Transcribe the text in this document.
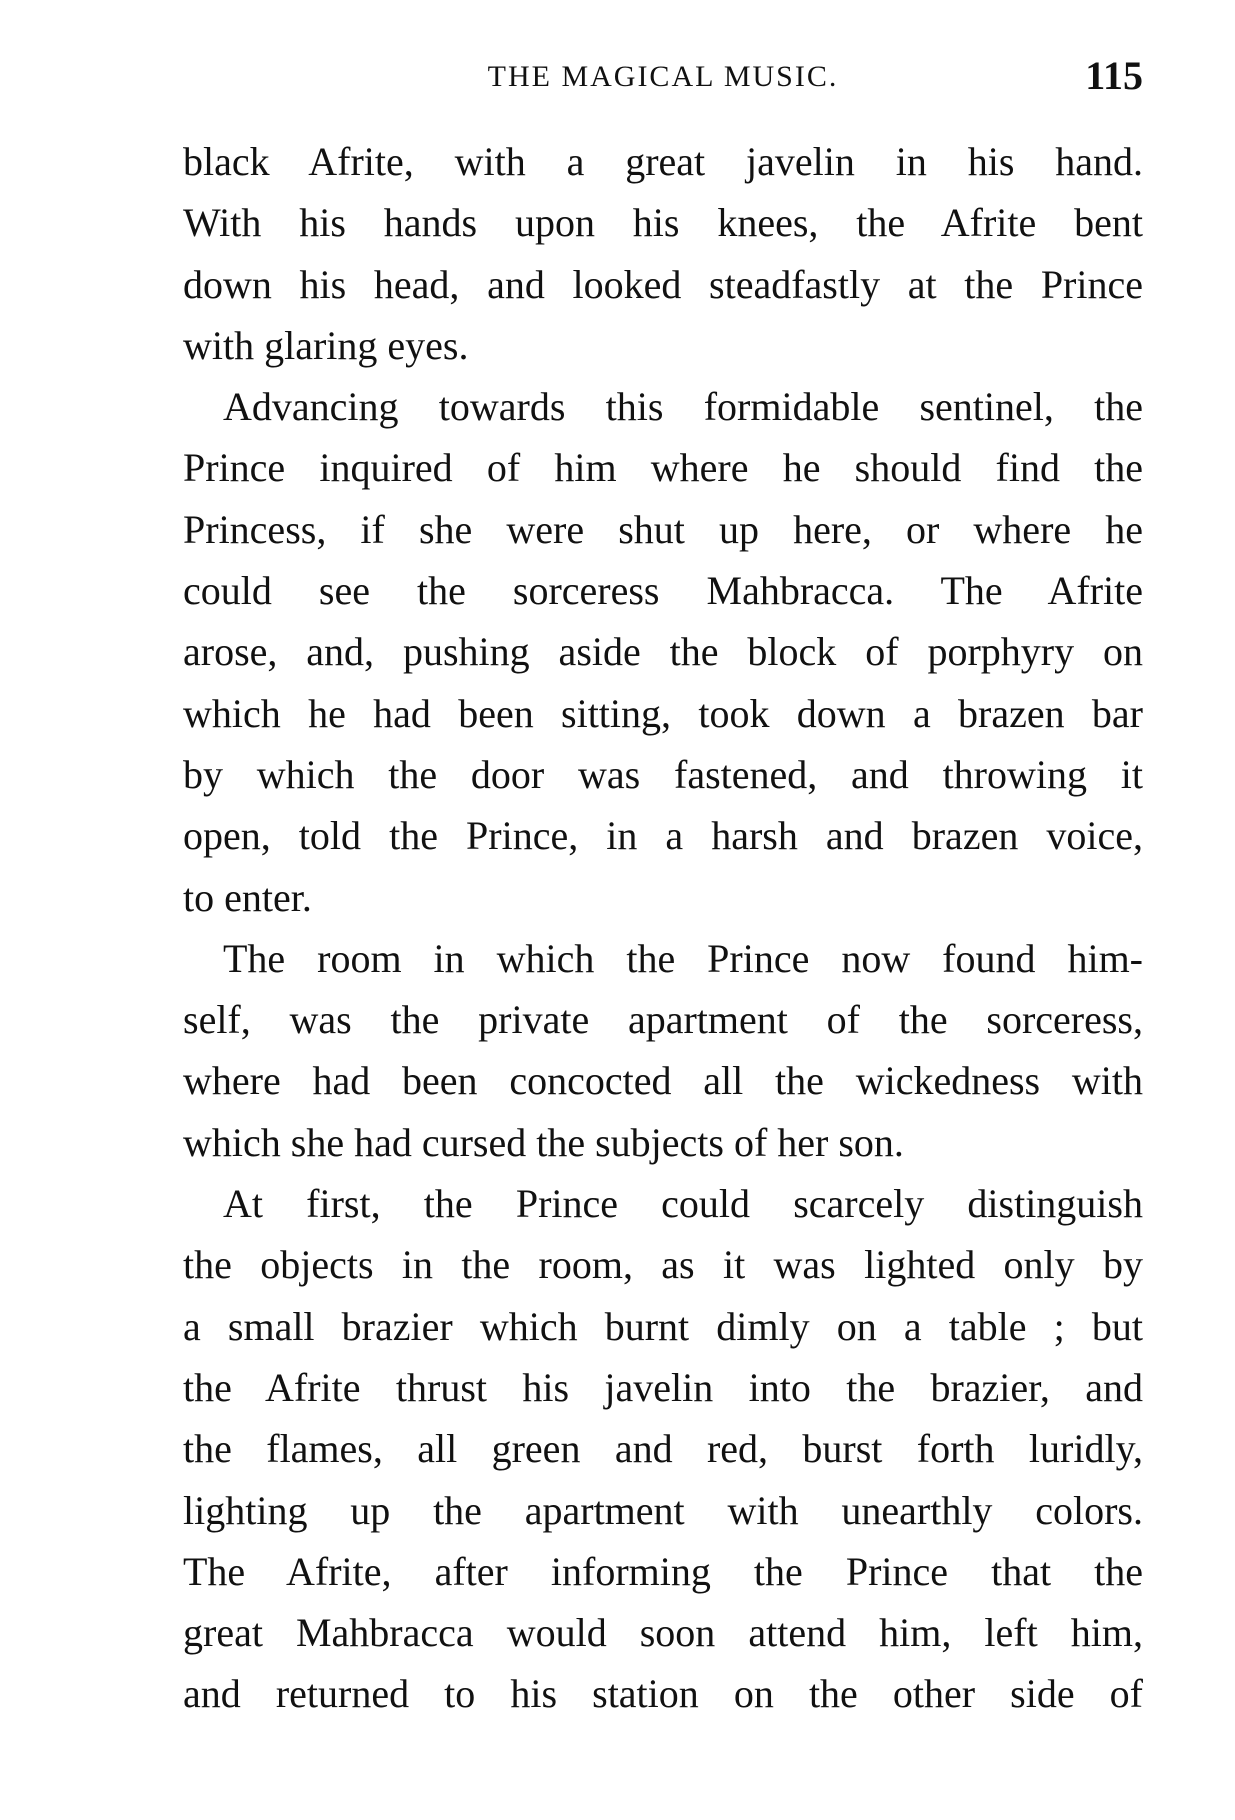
THE MAGICAL MUSIC.	115
black Afrite, with a great javelin in his hand.
With his hands upon his knees, the Afrite bent
down his head, and looked steadfastly at the Prince
with glaring eyes.
Advancing towards this formidable sentinel, the
Prince inquired of him where he should find the
Princess, if she were shut up here, or where he
could see the sorceress Mahbracca. The Afrite
arose, and, pushing aside the block of porphyry on
which he had been sitting, took down a brazen bar
by which the door was fastened, and throwing it
open, told the Prince, in a harsh and brazen voice,
to enter.
The room in which the Prince now found him-
self, was the private apartment of the sorceress,
where had been concocted all the wickedness with
which she had cursed the subjects of her son.
At first, the Prince could scarcely distinguish
the objects in the room, as it was lighted only by
a small brazier which burnt dimly on a table ; but
the Afrite thrust his javelin into the brazier, and
the flames, all green and red, burst forth luridly,
lighting up the apartment with unearthly colors.
The Afrite, after informing the Prince that the
great Mahbracca would soon attend him, left him,
and returned to his station on the other side of
